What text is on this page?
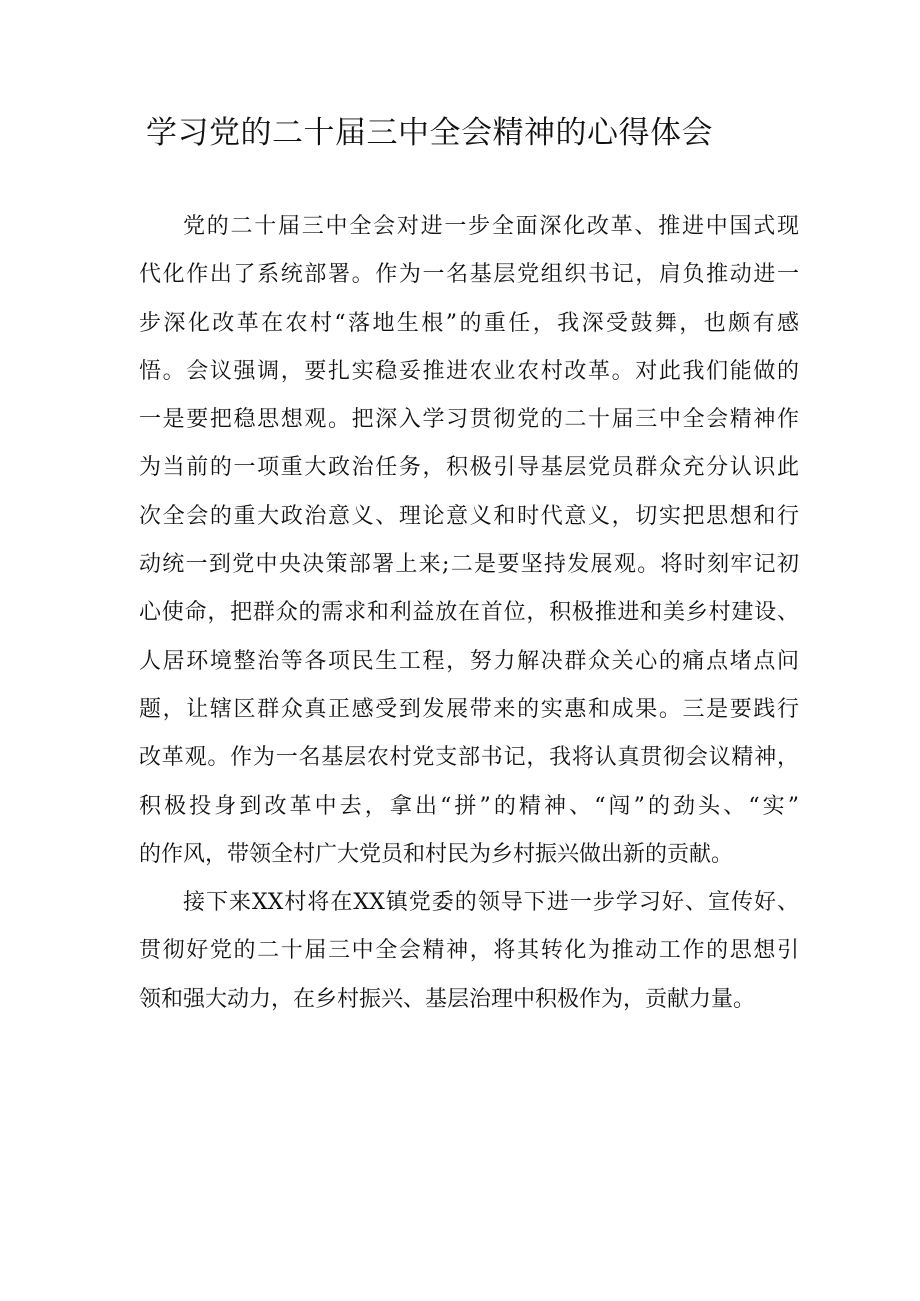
学习党的二十届三中全会精神的心得体会
党的二十届三中全会对进一步全面深化改革、推进中国式现
代化作出了系统部署。作为一名基层党组织书记，肩负推动进一
步深化改革在农村“落地生根”的重任，我深受鼓舞，也颇有感
悟。会议强调，要扎实稳妥推进农业农村改革。对此我们能做的
一是要把稳思想观。把深入学习贯彻党的二十届三中全会精神作
为当前的一项重大政治任务，积极引导基层党员群众充分认识此
次全会的重大政治意义、理论意义和时代意义，切实把思想和行
动统一到党中央决策部署上来;二是要坚持发展观。将时刻牢记初
心使命，把群众的需求和利益放在首位，积极推进和美乡村建设、
人居环境整治等各项民生工程，努力解决群众关心的痛点堵点问
题，让辖区群众真正感受到发展带来的实惠和成果。三是要践行
改革观。作为一名基层农村党支部书记，我将认真贯彻会议精神，
积极投身到改革中去，拿出“拼”的精神、“闯”的劲头、“实”
的作风，带领全村广大党员和村民为乡村振兴做出新的贡献。
接下来XX村将在XX镇党委的领导下进一步学习好、宣传好、
贯彻好党的二十届三中全会精神，将其转化为推动工作的思想引
领和强大动力，在乡村振兴、基层治理中积极作为，贡献力量。
